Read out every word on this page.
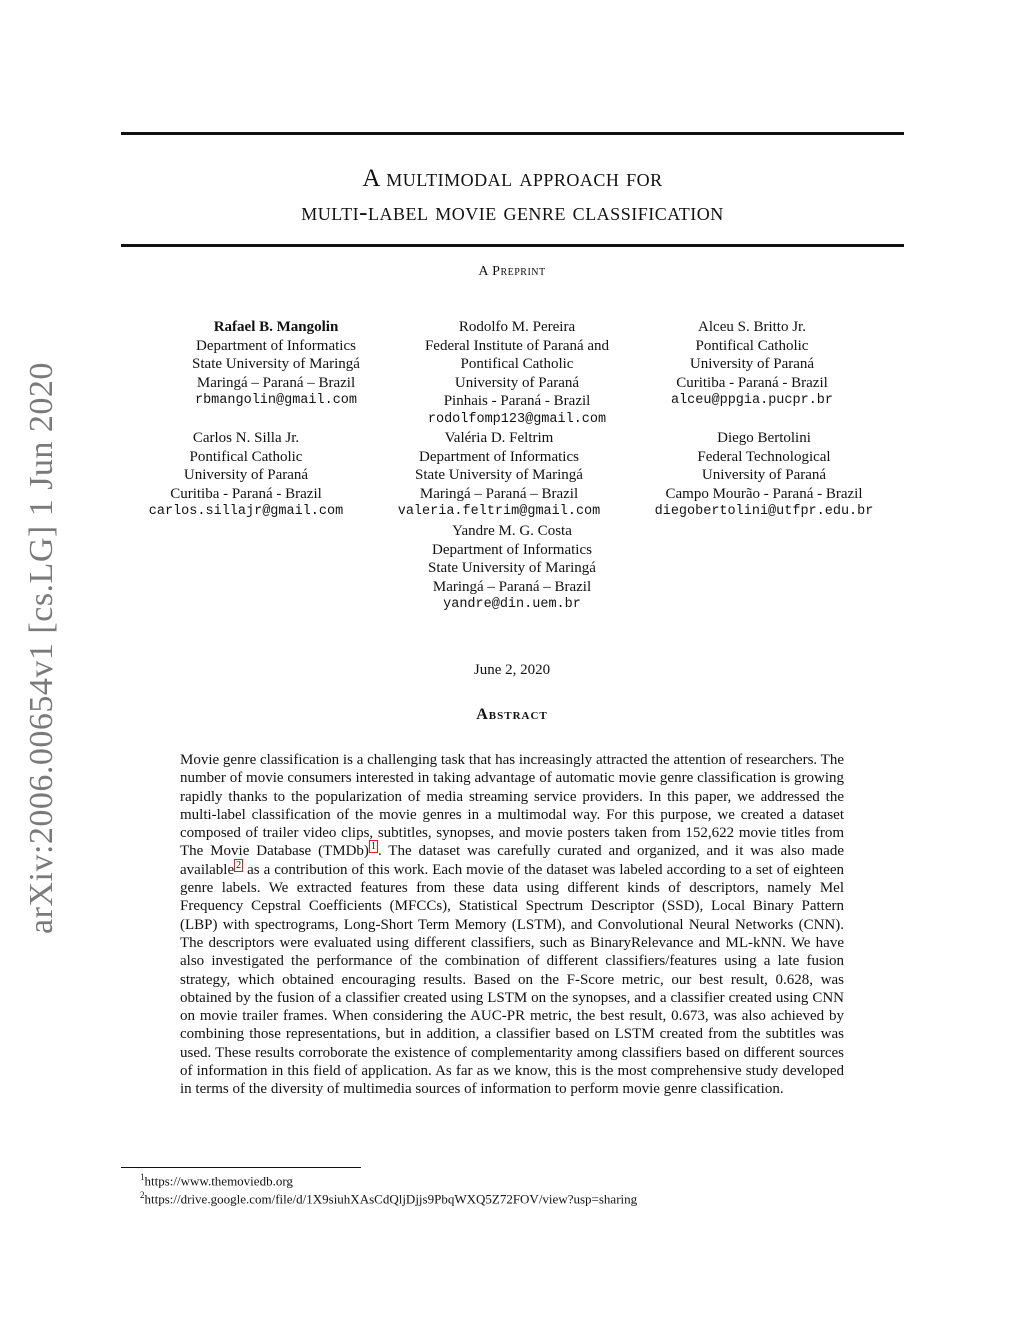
arXiv:2006.00654v1 [cs.LG] 1 Jun 2020
A multimodal approach for
multi-label movie genre classification
A Preprint
Rafael B. Mangolin
Department of Informatics
State University of Maringá
Maringá – Paraná – Brazil
rbmangolin@gmail.com
Rodolfo M. Pereira
Federal Institute of Paraná and
Pontifical Catholic
University of Paraná
Pinhais - Paraná - Brazil
rodolfomp123@gmail.com
Alceu S. Britto Jr.
Pontifical Catholic
University of Paraná
Curitiba - Paraná - Brazil
alceu@ppgia.pucpr.br
Carlos N. Silla Jr.
Pontifical Catholic
University of Paraná
Curitiba - Paraná - Brazil
carlos.sillajr@gmail.com
Valéria D. Feltrim
Department of Informatics
State University of Maringá
Maringá – Paraná – Brazil
valeria.feltrim@gmail.com
Diego Bertolini
Federal Technological
University of Paraná
Campo Mourão - Paraná - Brazil
diegobertolini@utfpr.edu.br
Yandre M. G. Costa
Department of Informatics
State University of Maringá
Maringá – Paraná – Brazil
yandre@din.uem.br
June 2, 2020
Abstract

Movie genre classification is a challenging task that has increasingly attracted the attention of researchers. The number of movie consumers interested in taking advantage of automatic movie genre classification is growing rapidly thanks to the popularization of media streaming service providers. In this paper, we addressed the multi-label classification of the movie genres in a multimodal way. For this purpose, we created a dataset composed of trailer video clips, subtitles, synopses, and movie posters taken from 152,622 movie titles from The Movie Database (TMDb) $^1$ . The dataset was carefully curated and organized, and it was also made available $^2$ as a contribution of this work. Each movie of the dataset was labeled according to a set of eighteen genre labels. We extracted features from these data using different kinds of descriptors, namely Mel Frequency Cepstral Coefficients (MFCCs), Statistical Spectrum Descriptor (SSD), Local Binary Pattern (LBP) with spectrograms, Long-Short Term Memory (LSTM), and Convolutional Neural Networks (CNN). The descriptors were evaluated using different classifiers, such as BinaryRelevance and ML-kNN. We have also investigated the performance of the combination of different classifiers/features using a late fusion strategy, which obtained encouraging results. Based on the F-Score metric, our best result, 0.628, was obtained by the fusion of a classifier created using LSTM on the synopses, and a classifier created using CNN on movie trailer frames. When considering the AUC-PR metric, the best result, 0.673, was also achieved by combining those representations, but in addition, a classifier based on LSTM created from the subtitles was used. These results corroborate the existence of complementarity among classifiers based on different sources of information in this field of application. As far as we know, this is the most comprehensive study developed in terms of the diversity of multimedia sources of information to perform movie genre classification.

$^1$https://www.themoviedb.org
$^2$https://drive.google.com/file/d/1X9siuhXAsCdQljDjjs9PbqWXQ5Z72FOV/view?usp=sharing
